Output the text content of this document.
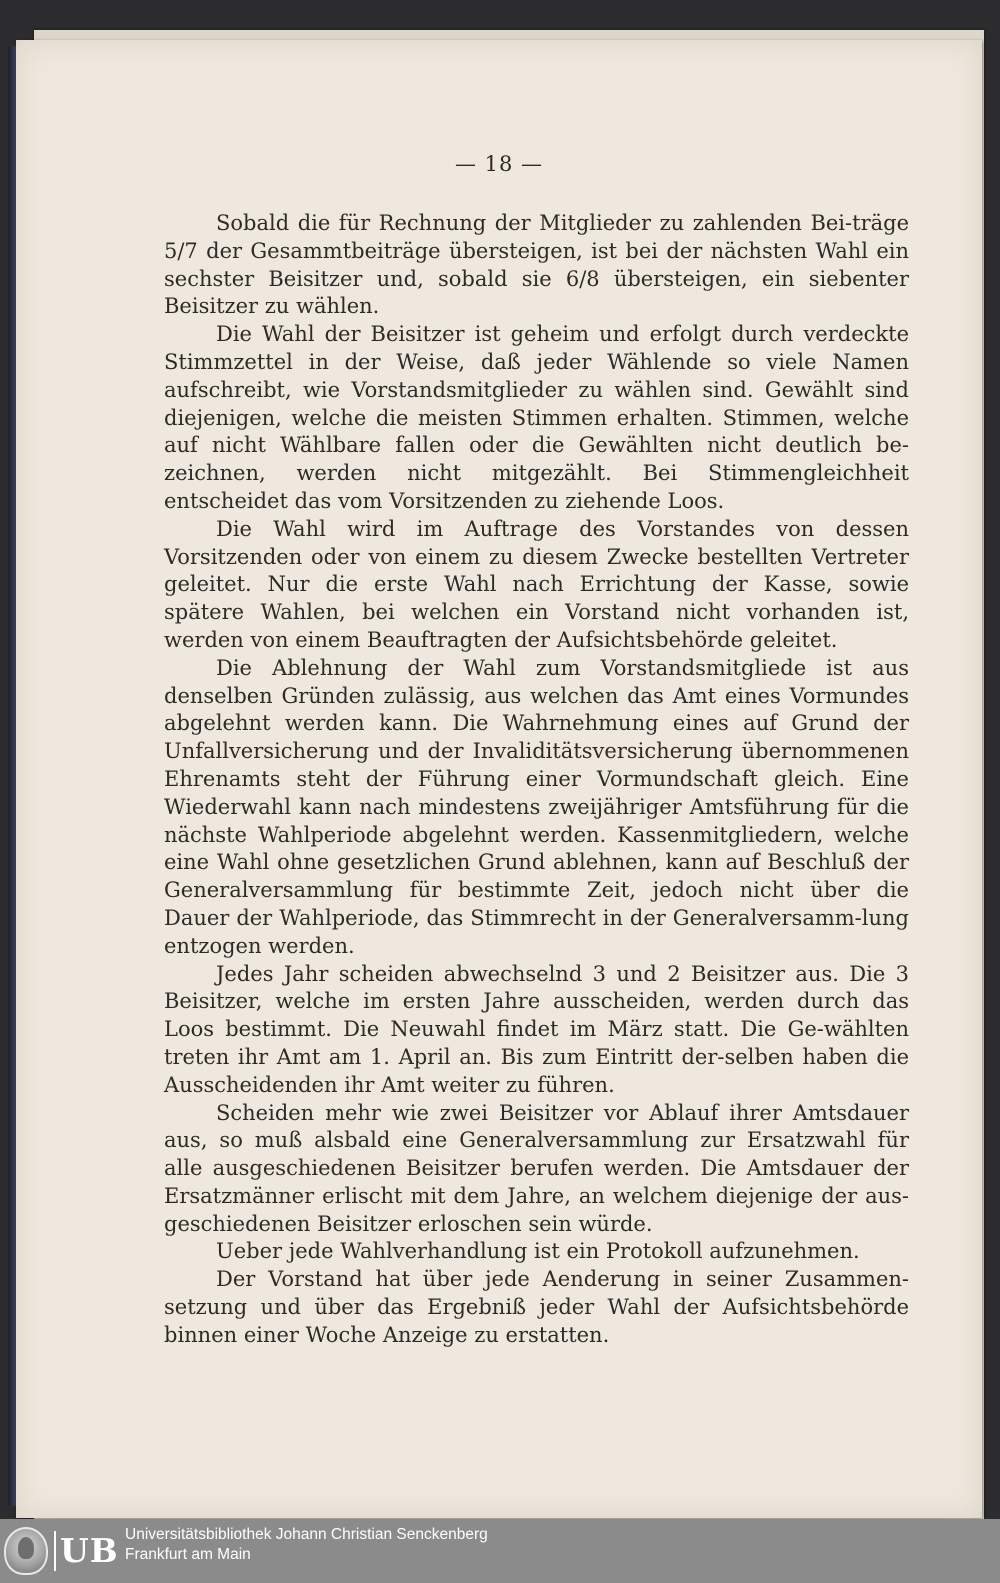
— 18 —

Sobald die für Rechnung der Mitglieder zu zahlenden Bei-träge 5/7 der Gesammtbeiträge übersteigen, ist bei der nächsten Wahl ein sechster Beisitzer und, sobald sie 6/8 übersteigen, ein siebenter Beisitzer zu wählen.

Die Wahl der Beisitzer ist geheim und erfolgt durch verdeckte Stimmzettel in der Weise, daß jeder Wählende so viele Namen aufschreibt, wie Vorstandsmitglieder zu wählen sind. Gewählt sind diejenigen, welche die meisten Stimmen erhalten. Stimmen, welche auf nicht Wählbare fallen oder die Gewählten nicht deutlich be-zeichnen, werden nicht mitgezählt. Bei Stimmengleichheit entscheidet das vom Vorsitzenden zu ziehende Loos.

Die Wahl wird im Auftrage des Vorstandes von dessen Vorsitzenden oder von einem zu diesem Zwecke bestellten Vertreter geleitet. Nur die erste Wahl nach Errichtung der Kasse, sowie spätere Wahlen, bei welchen ein Vorstand nicht vorhanden ist, werden von einem Beauftragten der Aufsichtsbehörde geleitet.

Die Ablehnung der Wahl zum Vorstandsmitgliede ist aus denselben Gründen zulässig, aus welchen das Amt eines Vormundes abgelehnt werden kann. Die Wahrnehmung eines auf Grund der Unfallversicherung und der Invaliditätsversicherung übernommenen Ehrenamts steht der Führung einer Vormundschaft gleich. Eine Wiederwahl kann nach mindestens zweijähriger Amtsführung für die nächste Wahlperiode abgelehnt werden. Kassenmitgliedern, welche eine Wahl ohne gesetzlichen Grund ablehnen, kann auf Beschluß der Generalversammlung für bestimmte Zeit, jedoch nicht über die Dauer der Wahlperiode, das Stimmrecht in der Generalversamm-lung entzogen werden.

Jedes Jahr scheiden abwechselnd 3 und 2 Beisitzer aus. Die 3 Beisitzer, welche im ersten Jahre ausscheiden, werden durch das Loos bestimmt. Die Neuwahl findet im März statt. Die Ge-wählten treten ihr Amt am 1. April an. Bis zum Eintritt der-selben haben die Ausscheidenden ihr Amt weiter zu führen.

Scheiden mehr wie zwei Beisitzer vor Ablauf ihrer Amtsdauer aus, so muß alsbald eine Generalversammlung zur Ersatzwahl für alle ausgeschiedenen Beisitzer berufen werden. Die Amtsdauer der Ersatzmänner erlischt mit dem Jahre, an welchem diejenige der aus-geschiedenen Beisitzer erloschen sein würde.

Ueber jede Wahlverhandlung ist ein Protokoll aufzunehmen.

Der Vorstand hat über jede Aenderung in seiner Zusammen-setzung und über das Ergebniß jeder Wahl der Aufsichtsbehörde binnen einer Woche Anzeige zu erstatten.

UB Universitätsbibliothek Johann Christian Senckenberg
Frankfurt am Main
